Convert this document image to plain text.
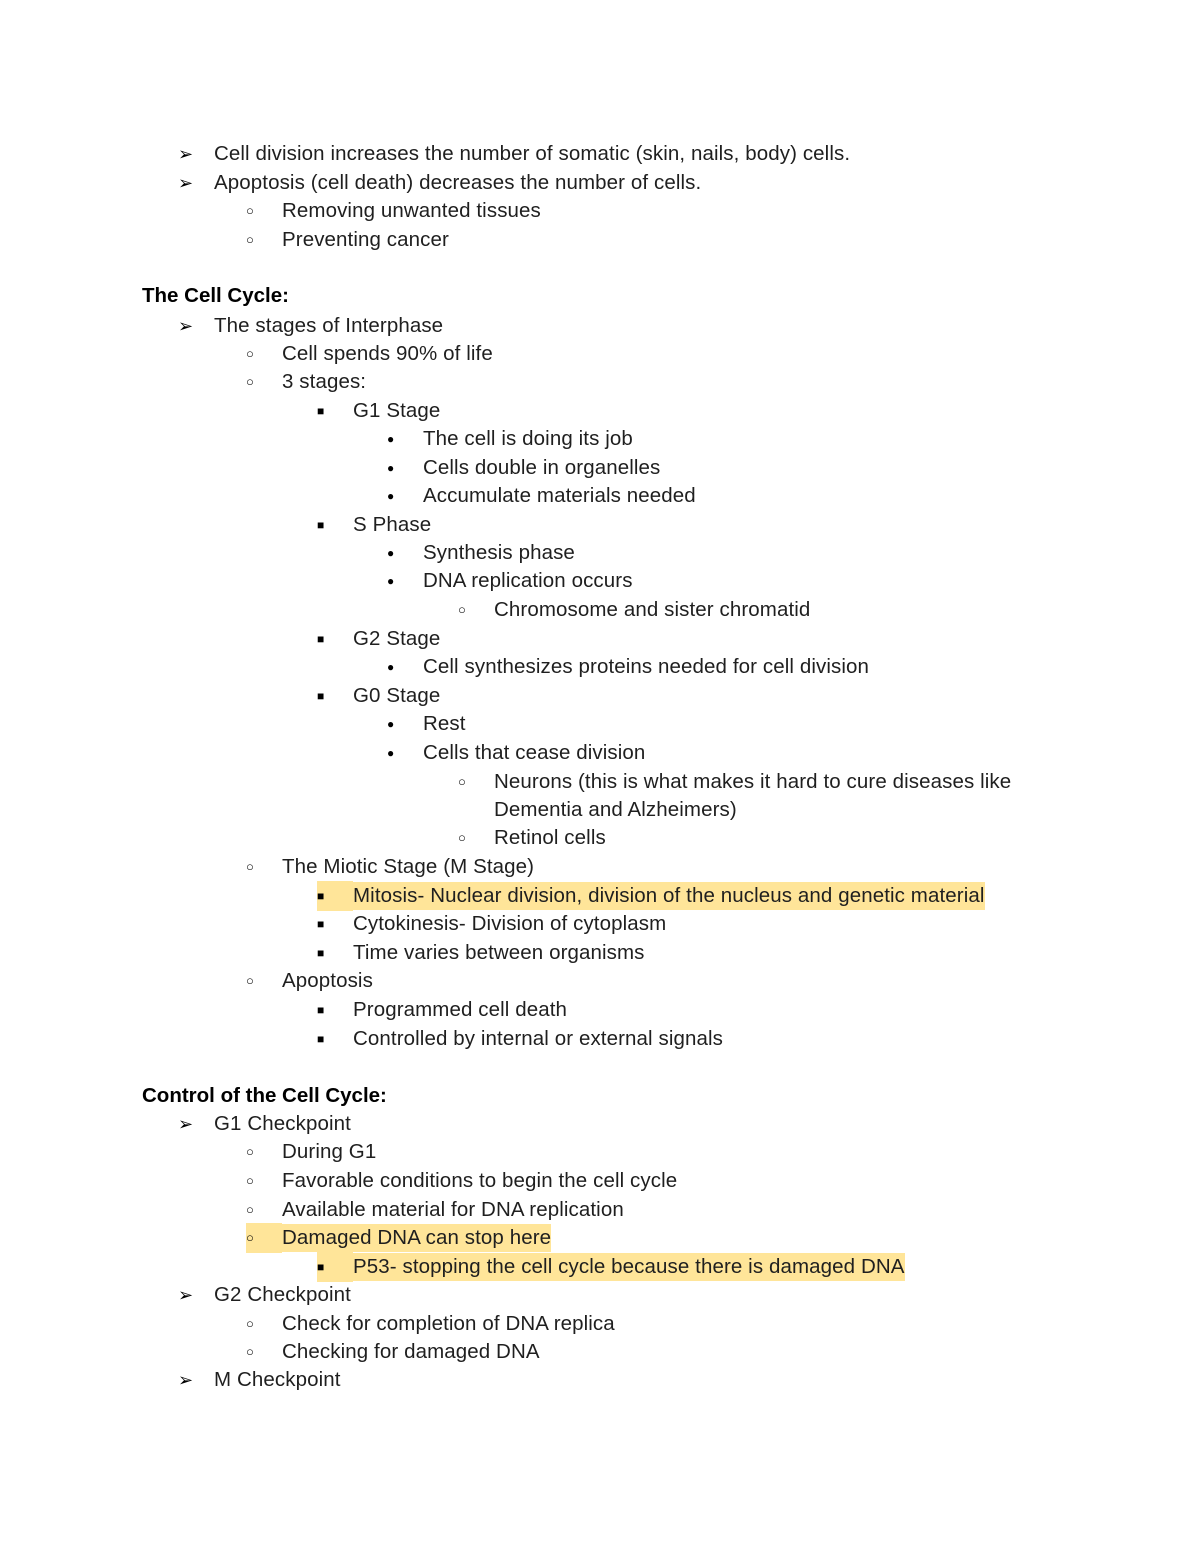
➢
Cell division increases the number of somatic (skin, nails, body) cells.
➢
Apoptosis (cell death) decreases the number of cells.
○
Removing unwanted tissues
○
Preventing cancer
The Cell Cycle:
➢
The stages of Interphase
○
Cell spends 90% of life
○
3 stages:
■
G1 Stage
●
The cell is doing its job
●
Cells double in organelles
●
Accumulate materials needed
■
S Phase
●
Synthesis phase
●
DNA replication occurs
○
Chromosome and sister chromatid
■
G2 Stage
●
Cell synthesizes proteins needed for cell division
■
G0 Stage
●
Rest
●
Cells that cease division
○
Neurons (this is what makes it hard to cure diseases like
Dementia and Alzheimers)
○
Retinol cells
○
The Miotic Stage (M Stage)
■
Mitosis- Nuclear division, division of the nucleus and genetic material
■
Cytokinesis- Division of cytoplasm
■
Time varies between organisms
○
Apoptosis
■
Programmed cell death
■
Controlled by internal or external signals
Control of the Cell Cycle:
➢
G1 Checkpoint
○
During G1
○
Favorable conditions to begin the cell cycle
○
Available material for DNA replication
○
Damaged DNA can stop here
■
P53- stopping the cell cycle because there is damaged DNA
➢
G2 Checkpoint
○
Check for completion of DNA replica
○
Checking for damaged DNA
➢
M Checkpoint
